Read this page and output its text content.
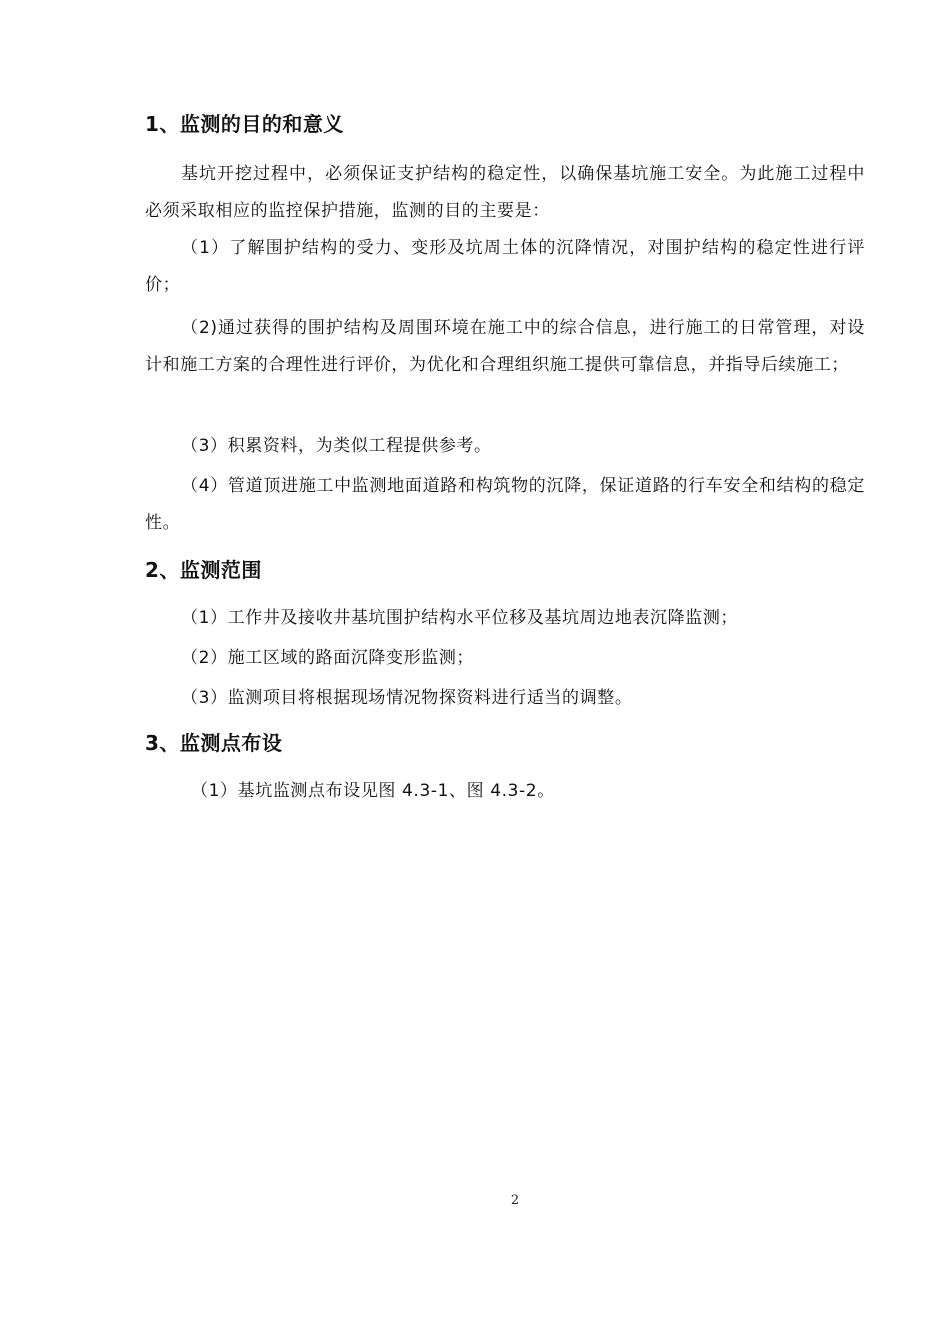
1、监测的目的和意义

基坑开挖过程中，必须保证支护结构的稳定性，以确保基坑施工安全。为此施工过程中必须采取相应的监控保护措施，监测的目的主要是：

（1）了解围护结构的受力、变形及坑周土体的沉降情况，对围护结构的稳定性进行评价；

（2)通过获得的围护结构及周围环境在施工中的综合信息，进行施工的日常管理，对设计和施工方案的合理性进行评价，为优化和合理组织施工提供可靠信息，并指导后续施工；

（3）积累资料，为类似工程提供参考。

（4）管道顶进施工中监测地面道路和构筑物的沉降，保证道路的行车安全和结构的稳定性。

2、监测范围

（1）工作井及接收井基坑围护结构水平位移及基坑周边地表沉降监测；

（2）施工区域的路面沉降变形监测；

（3）监测项目将根据现场情况物探资料进行适当的调整。

3、监测点布设

（1）基坑监测点布设见图 4.3-1、图 4.3-2。

2
